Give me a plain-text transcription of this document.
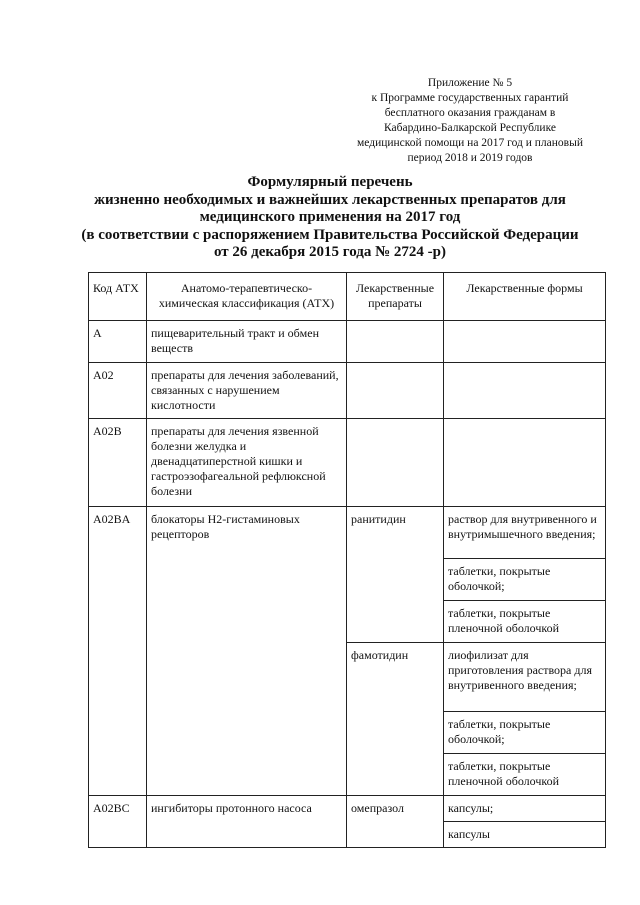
Приложение № 5
к Программе государственных гарантий
бесплатного оказания гражданам в
Кабардино-Балкарской Республике
медицинской помощи на 2017 год и плановый
период 2018 и 2019 годов
Формулярный перечень
жизненно необходимых и важнейших лекарственных препаратов для
медицинского применения на 2017 год
(в соответствии с распоряжением Правительства Российской Федерации
от 26 декабря 2015 года № 2724 -р)
Код АТХ	Анатомо-терапевтическо-химическая классификация (АТХ)	Лекарственные препараты	Лекарственные формы
A	пищеварительный тракт и обмен веществ		
A02	препараты для лечения заболеваний, связанных с нарушением кислотности		
A02B	препараты для лечения язвенной болезни желудка и двенадцатиперстной кишки и гастроэзофагеальной рефлюксной болезни		
A02BA	блокаторы H2-гистаминовых рецепторов	ранитидин	раствор для внутривенного и внутримышечного введения;
			таблетки, покрытые оболочкой;
			таблетки, покрытые пленочной оболочкой
		фамотидин	лиофилизат для приготовления раствора для внутривенного введения;
			таблетки, покрытые оболочкой;
			таблетки, покрытые пленочной оболочкой
A02BC	ингибиторы протонного насоса	омепразол	капсулы;
			капсулы
